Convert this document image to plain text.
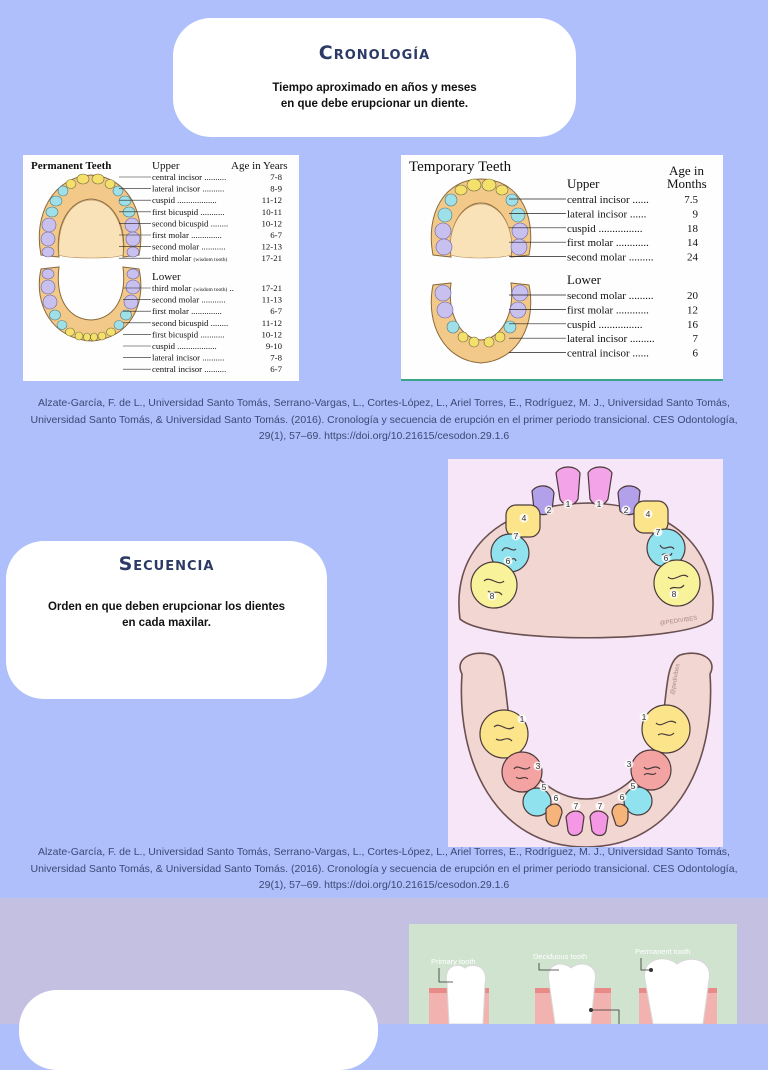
Cronología
Tiempo aproximado en años y meses
en que debe erupcionar un diente.
Permanent Teeth	Upper	Age in Years
Lower
central incisor ..........	7-8
lateral incisor ..........	8-9
cuspid ..................	11-12
first bicuspid ...........	10-11
second bicuspid ........	10-12
first molar ..............	6-7
second molar ...........	12-13
third molar (wisdom tooth)	17-21
third molar (wisdom tooth) ..	17-21
second molar ...........	11-13
first molar ..............	6-7
second bicuspid ........	11-12
first bicuspid ...........	10-12
cuspid ..................	9-10
lateral incisor ..........	7-8
central incisor ..........	6-7
Temporary Teeth	Age in
Months
Upper
Lower
central incisor ......	7.5
lateral incisor ......	9
cuspid ................	18
first molar ............	14
second molar .........	24
second molar .........	20
first molar ............	12
cuspid ................	16
lateral incisor .........	7
central incisor ......	6
Alzate-García, F. de L., Universidad Santo Tomás, Serrano-Vargas, L., Cortes-López, L., Ariel Torres, E., Rodríguez, M. J., Universidad Santo Tomás, Universidad Santo Tomás, & Universidad Santo Tomás. (2016). Cronología y secuencia de erupción en el primer periodo transicional. CES Odontología, 29(1), 57–69. https://doi.org/10.21615/cesodon.29.1.6
Secuencia
Orden en que deben erupcionar los dientes
en cada maxilar.
1	1
2	2
4	4
7	7
6	6
8	8
@PEDIVIBES
1	1
3	3
5	5
6	6
7 7
@pedivibes
Alzate-García, F. de L., Universidad Santo Tomás, Serrano-Vargas, L., Cortes-López, L., Ariel Torres, E., Rodríguez, M. J., Universidad Santo Tomás, Universidad Santo Tomás, & Universidad Santo Tomás. (2016). Cronología y secuencia de erupción en el primer periodo transicional. CES Odontología, 29(1), 57–69. https://doi.org/10.21615/cesodon.29.1.6
Primary tooth
Deciduous tooth
Permanent tooth
